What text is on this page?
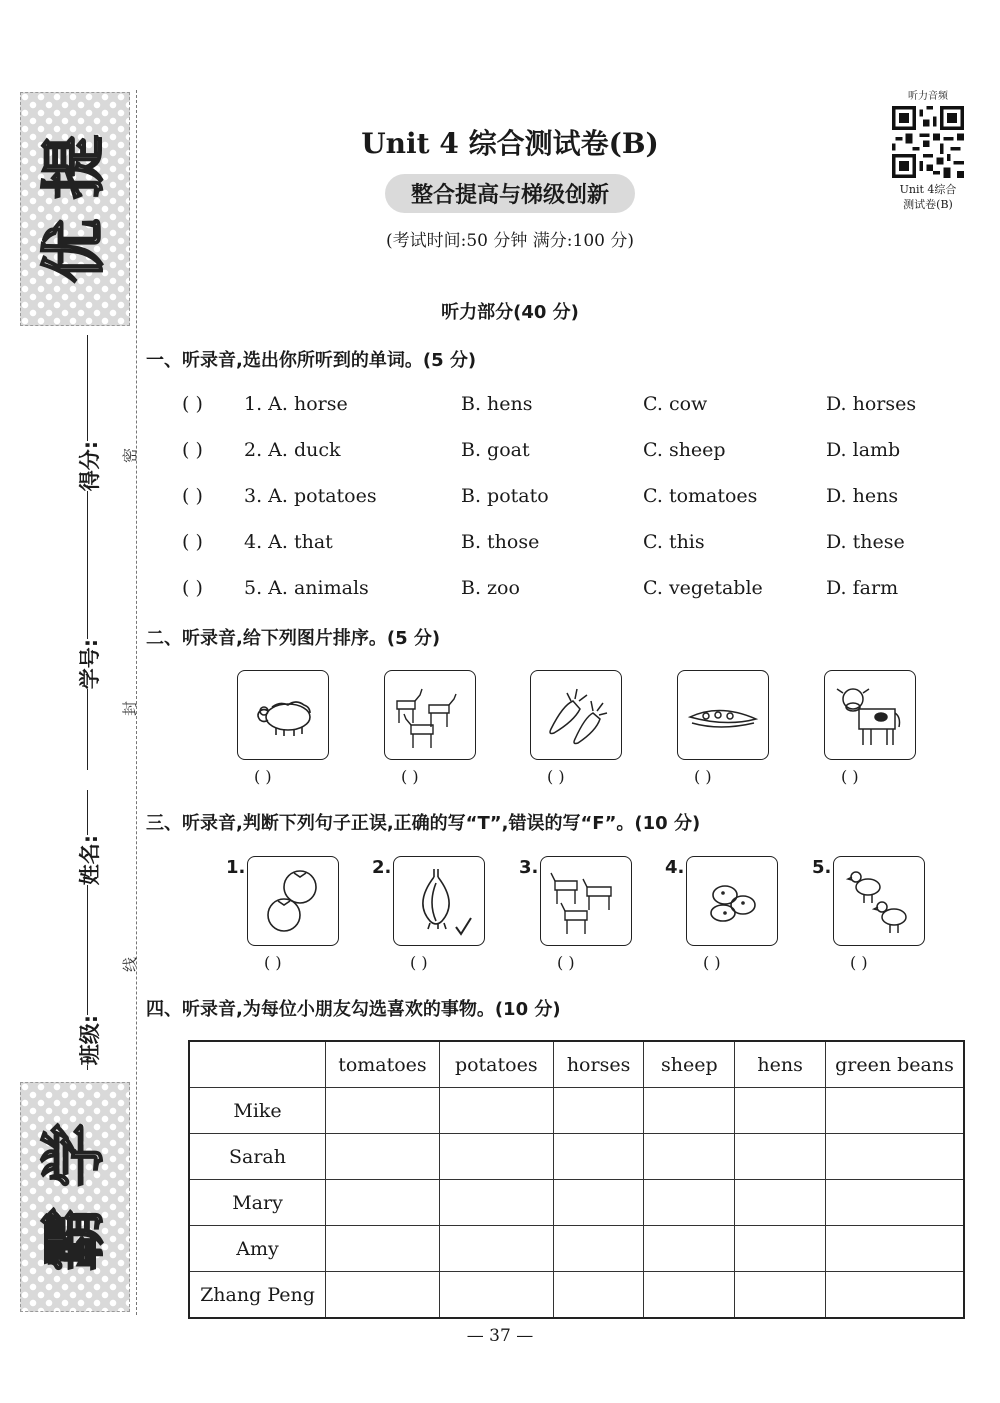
提
优
学
霸
密
封
线
得分:
学号:
姓名:
班级:
听力音频
Unit 4综合
测试卷(B)
Unit 4 综合测试卷(B)
整合提高与梯级创新
(考试时间:50 分钟 满分:100 分)
听力部分(40 分)
一、听录音,选出你所听到的单词。(5 分)
( ) 1. A. horse	B. hens	C. cow	D. horses
( ) 2. A. duck	B. goat	C. sheep	D. lamb
( ) 3. A. potatoes	B. potato	C. tomatoes	D. hens
( ) 4. A. that	B. those	C. this	D. these
( ) 5. A. animals	B. zoo	C. vegetable	D. farm
二、听录音,给下列图片排序。(5 分)
( )	( )	( )	( )	( )
三、听录音,判断下列句子正误,正确的写“T”,错误的写“F”。(10 分)
1.	2.	3.	4.	5.
( )	( )	( )	( )	( )
四、听录音,为每位小朋友勾选喜欢的事物。(10 分)
	tomatoes	potatoes	horses	sheep	hens	green beans
Mike						
Sarah						
Mary						
Amy						
Zhang Peng						
— 37 —
